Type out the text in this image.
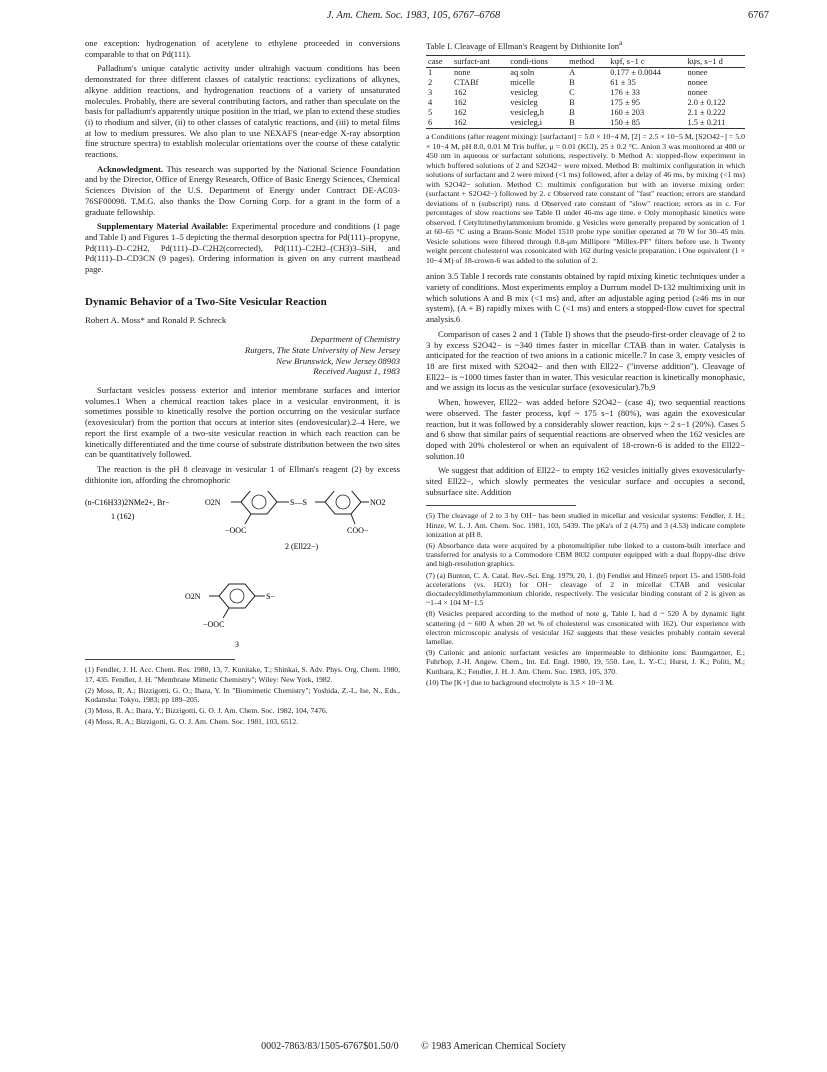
J. Am. Chem. Soc. 1983, 105, 6767–6768	6767

one exception: hydrogenation of acetylene to ethylene proceeded in conversions comparable to that on Pd(111).

Palladium's unique catalytic activity under ultrahigh vacuum conditions has been demonstrated for three different classes of catalytic reactions: cyclizations of alkynes, alkyne addition reactions, and hydrogenation reactions of a variety of unsaturated molecules. Probably, there are several contributing factors, and rather than speculate on the basis for palladium's apparently unique position in the triad, we plan to extend these studies (i) to rhodium and silver, (ii) to other classes of catalytic reactions, and (iii) to metal films at low to medium pressures. We also plan to use NEXAFS (near-edge X-ray absorption fine structure spectra) to establish molecular orientations over the course of these catalytic reactions.

Acknowledgment. This research was supported by the National Science Foundation and by the Director, Office of Energy Research, Office of Basic Energy Sciences, Chemical Sciences Division of the U.S. Department of Energy under Contract DE-AC03-76SF00098. T.M.G. also thanks the Dow Corning Corp. for a grant in the form of a graduate fellowship.

Supplementary Material Available: Experimental procedure and conditions (1 page and Table I) and Figures 1–5 depicting the thermal desorption spectra for Pd(111)–propyne, Pd(111)–D–C2H2, Pd(111)–D–C2H2(corrected), Pd(111)–C2H2–(CH3)3–SiH, and Pd(111)–D–CD3CN (9 pages). Ordering information is given on any current masthead page.

Dynamic Behavior of a Two-Site Vesicular Reaction
Robert A. Moss* and Ronald P. Schreck
Department of Chemistry
Rutgers, The State University of New Jersey
New Brunswick, New Jersey 08903
Received August 1, 1983

Surfactant vesicles possess exterior and interior membrane surfaces and interior volumes.1 When a chemical reaction takes place in a vesicular environment, it is sometimes possible to kinetically resolve the portion occurring on the vesicular surface (exovesicular) from the portion that occurs at interior sites (endovesicular).2–4 Here, we report the first example of a two-site vesicular reaction in which each reaction can be kinetically differentiated and the time course of substrate distribution between the two sites can be quantitatively followed.

The reaction is the pH 8 cleavage in vesicular 1 of Ellman's reagent (2) by excess dithionite ion, affording the chromophoric

(n-C16H33)2NMe2+, Br−
1 (162)
O2N	S—S	NO2
−OOC	COO−
2 (Ell22−)
O2N	S−
−OOC
3

(1) Fendler, J. H. Acc. Chem. Res. 1980, 13, 7. Kunitake, T.; Shinkai, S. Adv. Phys. Org. Chem. 1980, 17, 435. Fendler, J. H. "Membrane Mimetic Chemistry"; Wiley: New York, 1982.

(2) Moss, R. A.; Bizzigotti, G. O.; Ihara, Y. In "Biomimetic Chemistry"; Yoshida, Z.-I., Ise, N., Eds., Kodansha: Tokyo, 1983; pp 189–205.

(3) Moss, R. A.; Ihara, Y.; Bizzigotti, G. O. J. Am. Chem. Soc. 1982, 104, 7476.

(4) Moss, R. A.; Bizzigotti, G. O. J. Am. Chem. Soc. 1981, 103, 6512.

Table I. Cleavage of Ellman's Reagent by Dithionite Ion$^a$
case	surfact-ant	condi-tions	method	kψf, s−1 c	kψs, s−1 d
1	none	aq soln	A	0.177 ± 0.0044	nonee
2	CTABf	micelle	B	61 ± 35	nonee
3	162	vesicleg	C	176 ± 33	nonee
4	162	vesicleg	B	175 ± 95	2.0 ± 0.122
5	162	vesicleg,h	B	160 ± 203	2.1 ± 0.222
6	162	vesicleg,i	B	150 ± 85	1.5 ± 0.211
a Conditions (after reagent mixing): [surfactant] = 5.0 × 10−4 M, [2] = 2.5 × 10−5 M, [S2O42−] = 5.0 × 10−4 M, pH 8.0, 0.01 M Tris buffer, μ = 0.01 (KCl), 25 ± 0.2 °C. Anion 3 was monitored at 400 or 450 nm in aqueous or surfactant solutions, respectively. b Method A: stopped-flow experiment in which buffered solutions of 2 and S2O42− were mixed. Method B: multimix configuration in which solutions of surfactant and 2 were mixed (<1 ms) followed, after a delay of 46 ms, by mixing (<1 ms) with S2O42− solution. Method C: multimix configuration but with an inverse mixing order: (surfactant + S2O42−) followed by 2. c Observed rate constant of "fast" reaction; errors are standard deviations of n (subscript) runs. d Observed rate constant of "slow" reaction; errors as in c. For percentages of slow reactions see Table II under 46-ms age time. e Only monophasic kinetics were observed. f Cetyltrimethylammonium bromide. g Vesicles were generally prepared by sonication of 1 at 60–65 °C using a Braun-Sonic Model 1510 probe type sonifier operated at 70 W for 30–45 min. Vesicle solutions were filtered through 0.8-μm Millipore "Millex-PF" filters before use. h Twenty weight percent cholesterol was cosonicated with 162 during vesicle preparation. i One equivalent (1 × 10−4 M) of 18-crown-6 was added to the solution of 2.

anion 3.5 Table I records rate constants obtained by rapid mixing kinetic techniques under a variety of conditions. Most experiments employ a Durrum model D-132 multimixing unit in which solutions A and B mix (<1 ms) and, after an adjustable aging period (≥46 ms in our system), (A + B) rapidly mixes with C (<1 ms) and enters a stopped-flow cuvet for spectral analysis.6

Comparison of cases 2 and 1 (Table I) shows that the pseudo-first-order cleavage of 2 to 3 by excess S2O42− is ~340 times faster in micellar CTAB than in water. Catalysis is anticipated for the reaction of two anions in a cationic micelle.7 In case 3, empty vesicles of 18 are first mixed with S2O42− and then with Ell22− ("inverse addition"). Cleavage of Ell22− is ~1000 times faster than in water. This vesicular reaction is kinetically monophasic, and we assign its locus as the vesicular surface (exovesicular).7b,9

When, however, Ell22− was added before S2O42− (case 4), two sequential reactions were observed. The faster process, kψf ~ 175 s−1 (80%), was again the exovesicular reaction, but it was followed by a considerably slower reaction, kψs ~ 2 s−1 (20%). Cases 5 and 6 show that similar pairs of sequential reactions are observed when the 162 vesicles are doped with 20% cholesterol or when an equivalent of 18-crown-6 is added to the Ell22− solution.10

We suggest that addition of Ell22− to empty 162 vesicles initially gives exovesicularly-sited Ell22−, which slowly permeates the vesicular surface and occupies a second, subsurface site. Addition

(5) The cleavage of 2 to 3 by OH− has been studied in micellar and vesicular systems: Fendler, J. H.; Hinze, W. L. J. Am. Chem. Soc. 1981, 103, 5439. The pKa's of 2 (4.75) and 3 (4.53) indicate complete ionization at pH 8.

(6) Absorbance data were acquired by a photomultiplier tube linked to a custom-built interface and transferred for analysis to a Commodore CBM 8032 computer equipped with a dual floppy-disc drive and high-resolution graphics.

(7) (a) Bunton, C. A. Catal. Rev.-Sci. Eng. 1979, 20, 1. (b) Fendler and Hinze5 report 15- and 1500-fold accelerations (vs. H2O) for OH− cleavage of 2 in micellar CTAB and vesicular dioctadecyldimethylammonium chloride, respectively. The vesicular binding constant of 2 is given as ~1–4 × 104 M−1.5

(8) Vesicles prepared according to the method of note g, Table I, had d ~ 520 Å by dynamic light scattering (d ~ 600 Å when 20 wt % of cholesterol was cosonicated with 162). Our experience with electron microscopic analysis of vesicular 162 suggests that these vesicles probably contain several lamellae.

(9) Cationic and anionic surfactant vesicles are impermeable to dithionite ions: Baumgartner, E.; Fuhrhop, J.-H. Angew. Chem., Int. Ed. Engl. 1980, 19, 550. Lee, L. Y.-C.; Hurst, J. K.; Politi, M.; Kurihara, K.; Fendler, J. H. J. Am. Chem. Soc. 1983, 105, 370.

(10) The [K+] due to background electrolyte is 3.5 × 10−3 M.

0002-7863/83/1505-6767$01.50/0 © 1983 American Chemical Society
